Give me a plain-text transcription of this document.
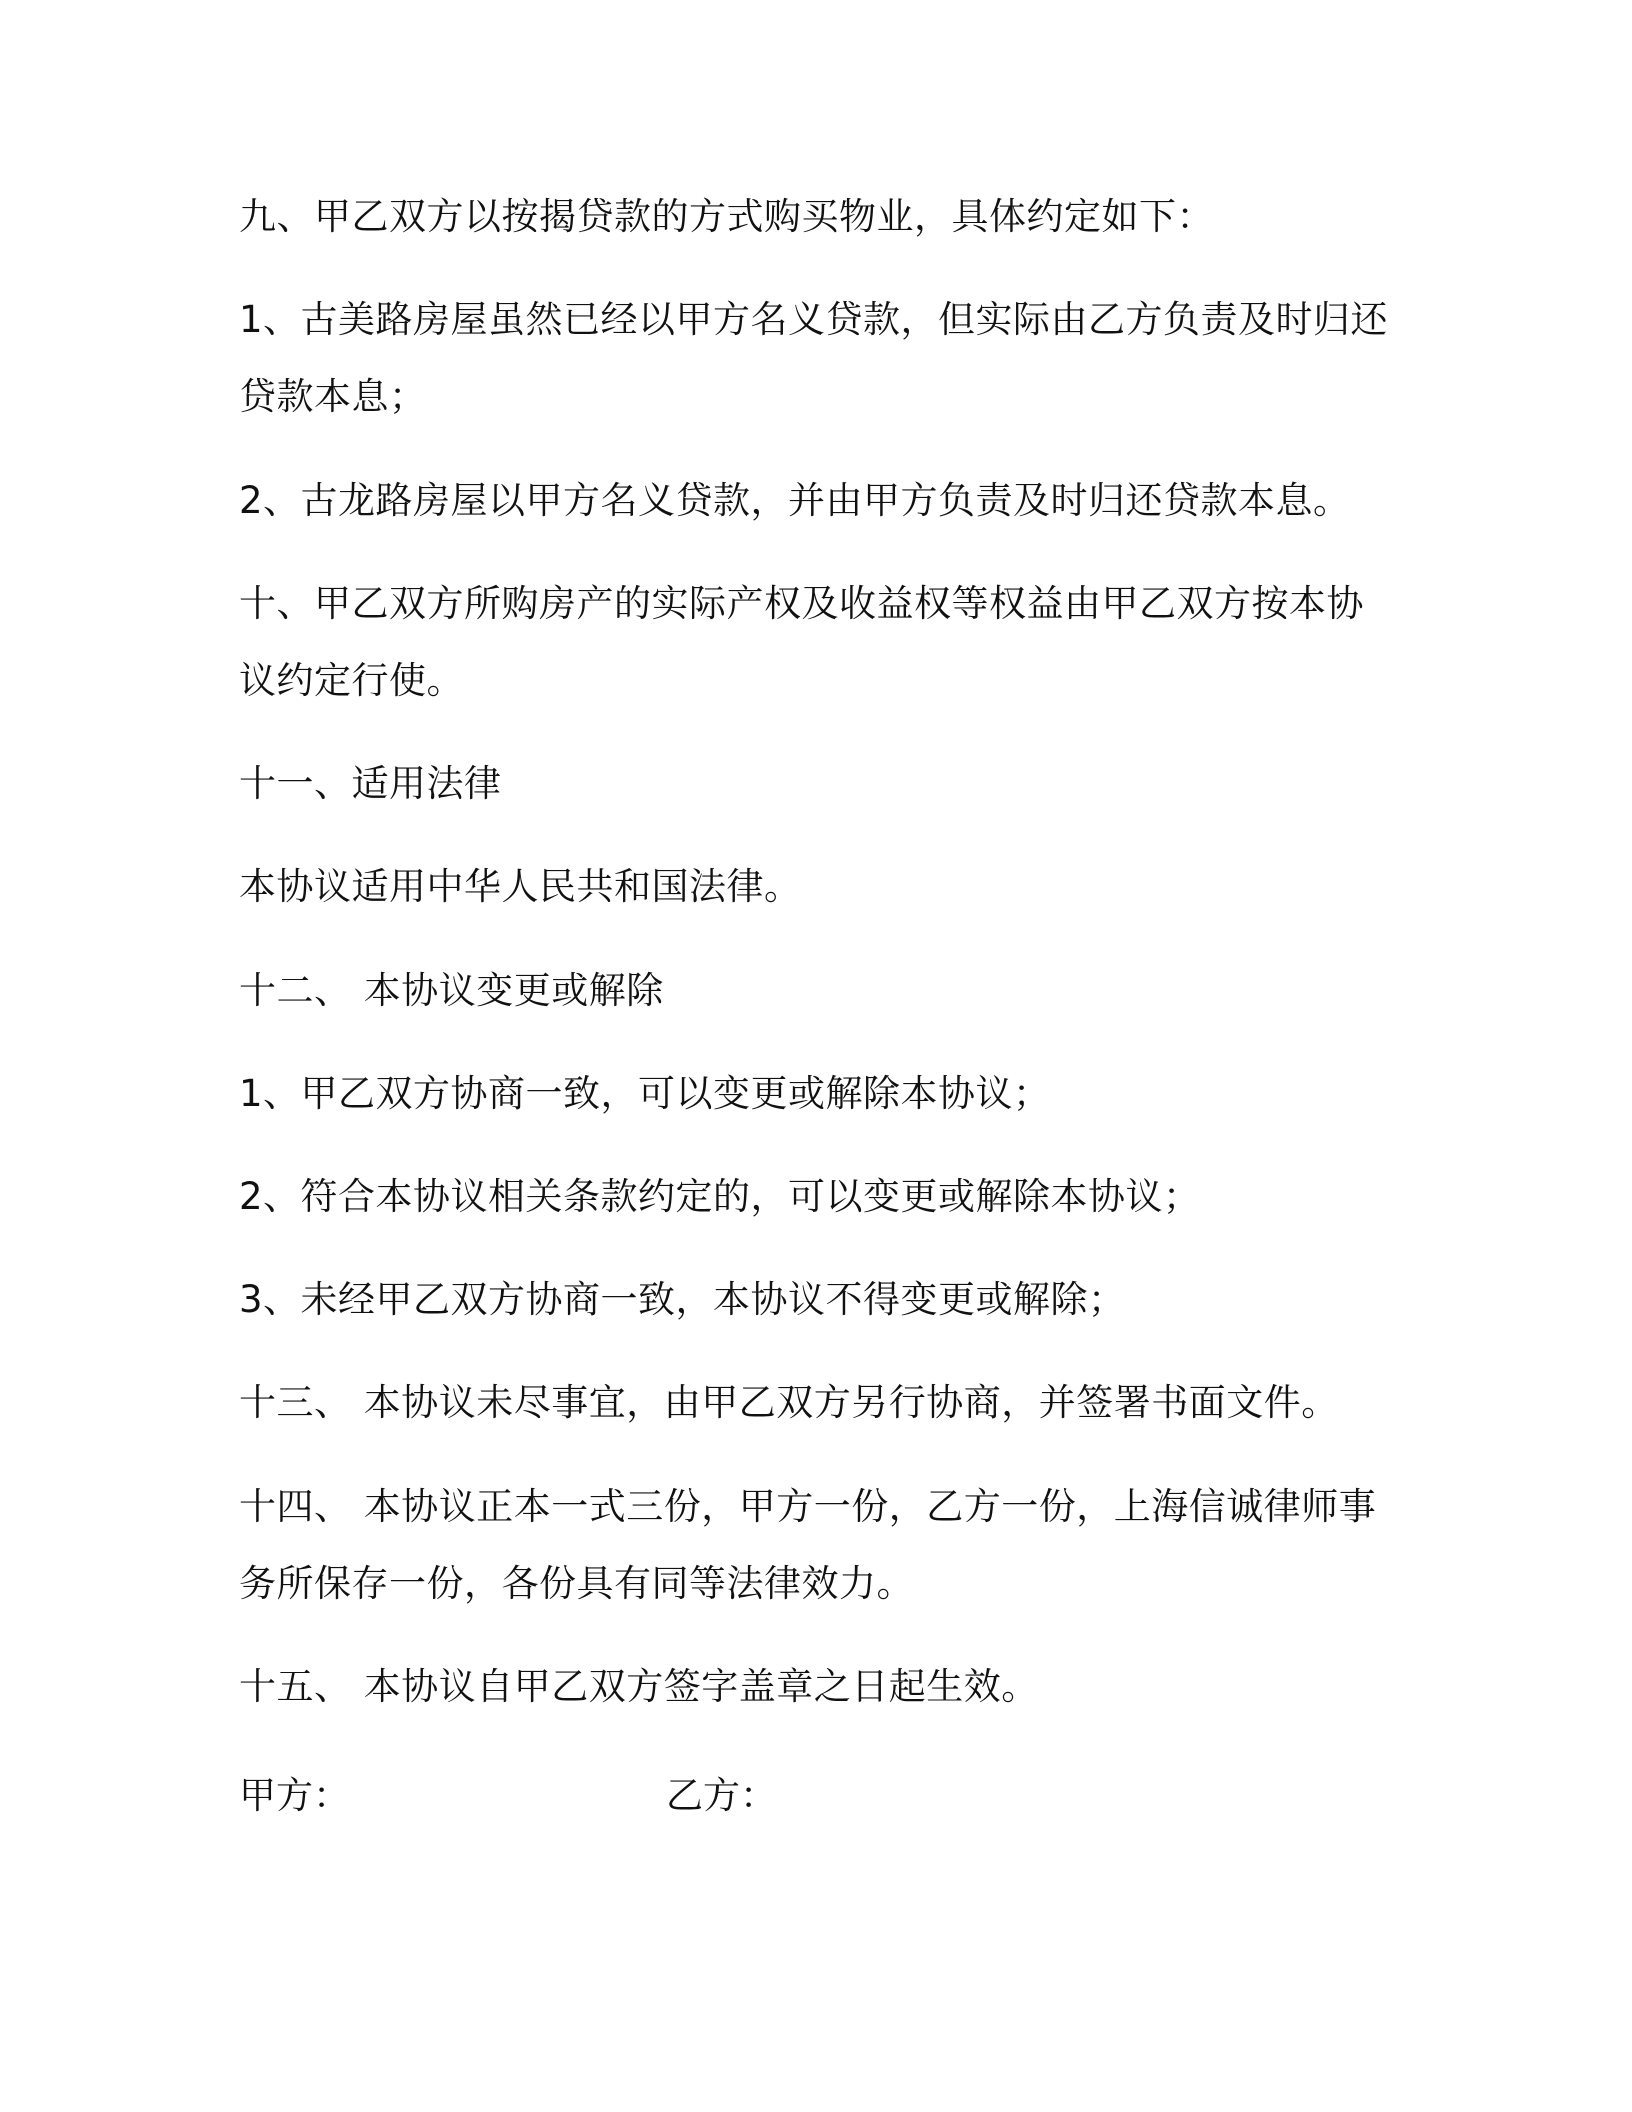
九、甲乙双方以按揭贷款的方式购买物业，具体约定如下：

1、古美路房屋虽然已经以甲方名义贷款，但实际由乙方负责及时归还
贷款本息；

2、古龙路房屋以甲方名义贷款，并由甲方负责及时归还贷款本息。

十、甲乙双方所购房产的实际产权及收益权等权益由甲乙双方按本协
议约定行使。

十一、适用法律

本协议适用中华人民共和国法律。

十二、 本协议变更或解除

1、甲乙双方协商一致，可以变更或解除本协议；

2、符合本协议相关条款约定的，可以变更或解除本协议；

3、未经甲乙双方协商一致，本协议不得变更或解除；

十三、 本协议未尽事宜，由甲乙双方另行协商，并签署书面文件。

十四、 本协议正本一式三份，甲方一份，乙方一份，上海信诚律师事
务所保存一份，各份具有同等法律效力。

十五、 本协议自甲乙双方签字盖章之日起生效。

甲方：	乙方：
